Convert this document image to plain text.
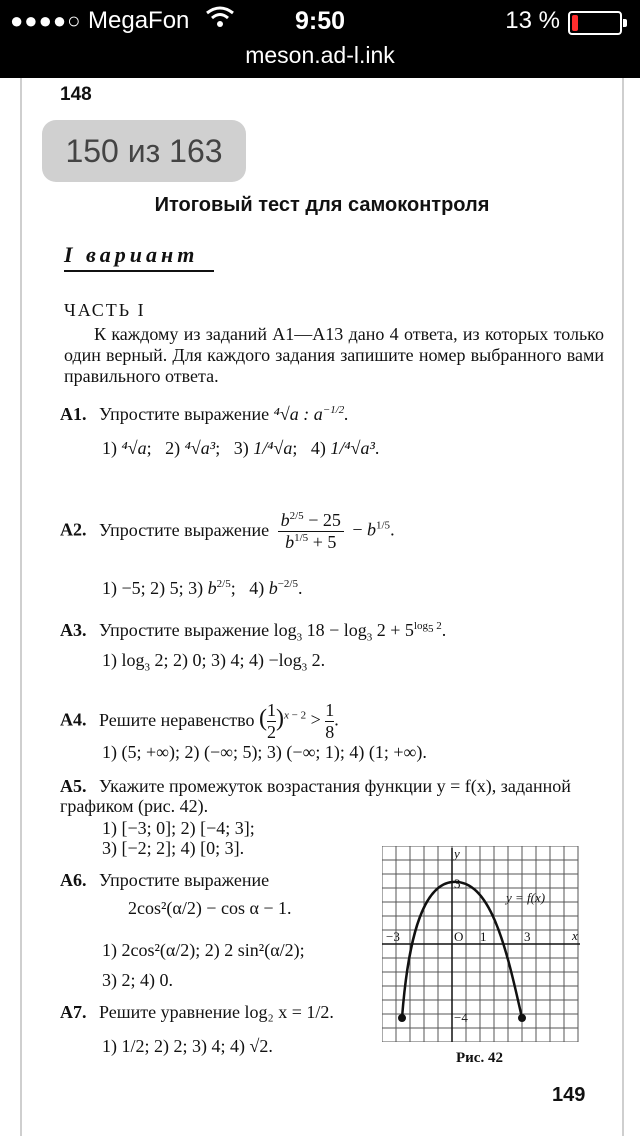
●●●●○ MegaFon	9:50	13 %
meson.ad-l.ink
148
150 из 163
Итоговый тест для самоконтроля
I вариант
ЧАСТЬ I
К каждому из заданий А1—А13 дано 4 ответа, из которых только один верный. Для каждого задания запишите номер выбранного вами правильного ответа.
А1. Упростите выражение ⁴√a : $a^{-1/2}$.
1) ⁴√a;   2) ⁴√a³;   3) 1/⁴√a;   4) 1/⁴√a³.
А2. Упростите выражение $\frac{b^{2/5} - 25}{b^{1/5} + 5} - b^{1/5}$.
1) −5; 2) 5; 3) $b^{2/5}$;   4) $b^{-2/5}$.
А3. Упростите выражение $\log_3 18 - \log_3 2 + 5^{log_5 2}$.
1) $\log_3 2$; 2) 0; 3) 4; $4) -\log_3$ 2.
А4. Решите неравенство ( $\frac{1}{2} )^{x - 2} > \frac{1}{8}$ .
1) (5; +∞); 2) (−∞; 5); 3) (−∞; 1); 4) (1; +∞).
А5. Укажите промежуток возрастания функции y = f(x), заданной графиком (рис. 42).
1) [−3; 0]; 2) [−4; 3];
3) [−2; 2]; 4) [0; 3].
А6. Упростите выражение
2cos²(α/2) − cos α − 1.
1) 2cos²(α/2); 2) 2 sin²(α/2);
3) 2; 4) 0.
А7. Решите уравнение log₂ x = 1/2.
1) 1/2; 2) 2; 3) 4; 4) √2.
−3	O 1	3	x
y
3
−4
y = f(x)
Рис. 42
149
